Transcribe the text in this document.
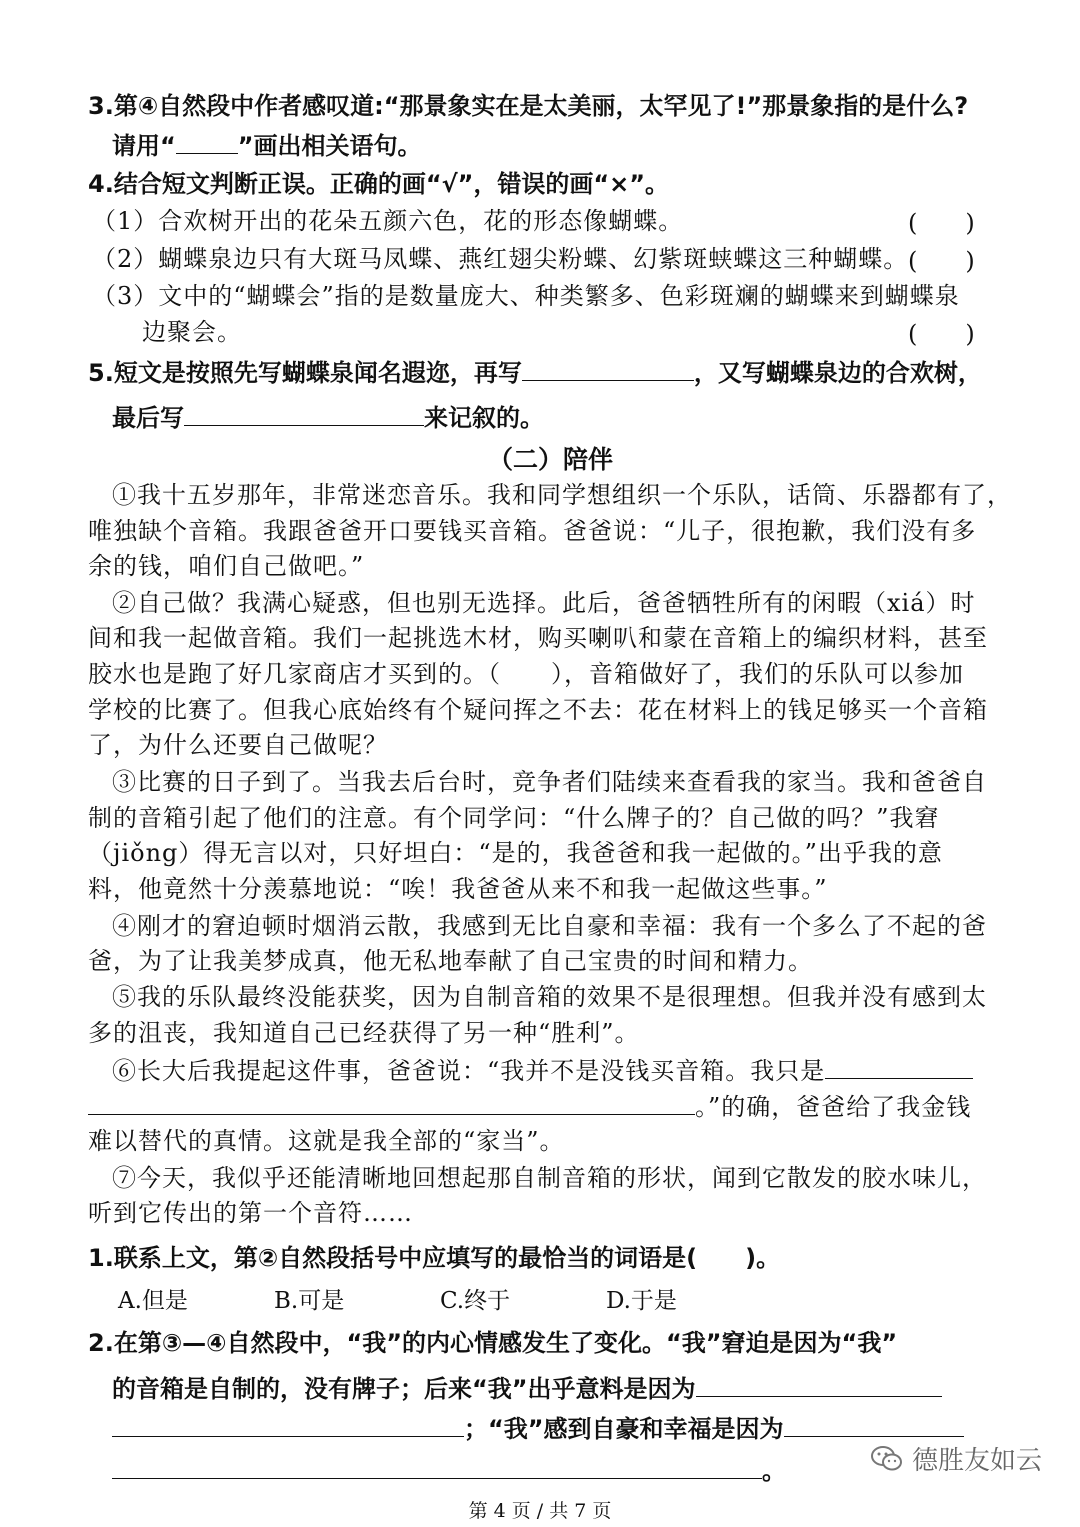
3.第④自然段中作者感叹道:“那景象实在是太美丽，太罕见了!”那景象指的是什么?
请用“	”画出相关语句。
4.结合短文判断正误。正确的画“√”，错误的画“×”。
（1）合欢树开出的花朵五颜六色，花的形态像蝴蝶。	(　　)
（2）蝴蝶泉边只有大斑马凤蝶、燕红翅尖粉蝶、幻紫斑蛱蝶这三种蝴蝶。 (　　)
（3）文中的“蝴蝶会”指的是数量庞大、种类繁多、色彩斑斓的蝴蝶来到蝴蝶泉
边聚会。	(　　)
5.短文是按照先写蝴蝶泉闻名遐迩，再写	，又写蝴蝶泉边的合欢树，
最后写	来记叙的。
（二）陪伴
①我十五岁那年，非常迷恋音乐。我和同学想组织一个乐队，话筒、乐器都有了，
唯独缺个音箱。我跟爸爸开口要钱买音箱。爸爸说：“儿子，很抱歉，我们没有多
余的钱，咱们自己做吧。”
②自己做？我满心疑惑，但也别无选择。此后，爸爸牺牲所有的闲暇（xiá）时
间和我一起做音箱。我们一起挑选木材，购买喇叭和蒙在音箱上的编织材料，甚至
胶水也是跑了好几家商店才买到的。（　　），音箱做好了，我们的乐队可以参加
学校的比赛了。但我心底始终有个疑问挥之不去：花在材料上的钱足够买一个音箱
了，为什么还要自己做呢？
③比赛的日子到了。当我去后台时，竞争者们陆续来查看我的家当。我和爸爸自
制的音箱引起了他们的注意。有个同学问：“什么牌子的？自己做的吗？”我窘
（jiǒng）得无言以对，只好坦白：“是的，我爸爸和我一起做的。”出乎我的意
料，他竟然十分羡慕地说：“唉！我爸爸从来不和我一起做这些事。”
④刚才的窘迫顿时烟消云散，我感到无比自豪和幸福：我有一个多么了不起的爸
爸，为了让我美梦成真，他无私地奉献了自己宝贵的时间和精力。
⑤我的乐队最终没能获奖，因为自制音箱的效果不是很理想。但我并没有感到太
多的沮丧，我知道自己已经获得了另一种“胜利”。
⑥长大后我提起这件事，爸爸说：“我并不是没钱买音箱。我只是
。”的确，爸爸给了我金钱
难以替代的真情。这就是我全部的“家当”。
⑦今天，我似乎还能清晰地回想起那自制音箱的形状，闻到它散发的胶水味儿，
听到它传出的第一个音符……
1.联系上文，第②自然段括号中应填写的最恰当的词语是(　　)。
A.但是	B.可是	C.终于	D.于是
2.在第③—④自然段中，“我”的内心情感发生了变化。“我”窘迫是因为“我”
的音箱是自制的，没有牌子；后来“我”出乎意料是因为
；“我”感到自豪和幸福是因为
。
第 4 页 / 共 7 页
德胜友如云
